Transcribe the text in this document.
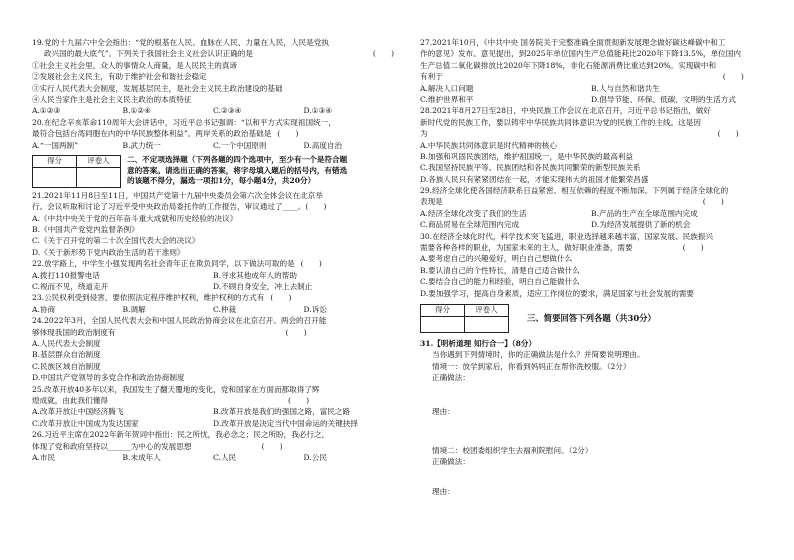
19.党的十九届六中全会指出：“党的根基在人民、血脉在人民、力量在人民，人民是党执
政兴国的最大底气”。下列关于我国社会主义社会认识正确的是	(　　)
①社会主义社会里，众人的事情众人商量，是人民民主的真谛
②发展社会主义民主，有助于维护社会和谐社会稳定
③实行人民代表大会制度，发展基层民主，是社会主义民主政治建设的基础
④人民当家作主是社会主义民主政治的本质特征
A.①②③	B.①②④	C.②③④	D.①③④
20.在纪念辛亥革命110周年大会讲话中，习近平总书记强调：“以和平方式实现祖国统一，
最符合包括台湾同胞在内的中华民族整体利益”。两岸关系的政治基础是 (　　)
A.“一国两制”	B.武力统一	C.一个中国原则	D.高度自治
得分	评卷人
	二、不定项选择题（下列各题的四个选项中，至少有一个是符合题
意的答案。请选出正确的答案，将字母填入题后的括号内，有错选
的该题不得分，漏选一项扣1分，每小题4分，共20分）
21.2021年11月8日至11日，中国共产党第十九届中央委员会第六次全体会议在北京举
行。会议听取和讨论了习近平受中央政治局委托作的工作报告，审议通过了____。(　　)
A.《中共中央关于党的百年奋斗重大成就和历史经验的决议》
B.《中国共产党党内监督条例》
C.《关于召开党的第二十次全国代表大会的决议》
D.《关于新形势下党内政治生活的若干准则》
22.放学路上，中学生小强发现两名社会青年正在欺负同学，以下做法可取的是 (　　)
A.拨打110报警电话	B.寻求其他成年人的帮助
C.视而不见，绕道走开	D.不顾自身安全，冲上去制止
23.公民权利受到侵害，要依照法定程序维护权利，维护权利的方式有 (　　)
A.协商	B.调解	C.仲裁	D.诉讼
24.2022年3月，全国人民代表大会和中国人民政治协商会议在北京召开。两会的召开能
够体现我国的政治制度有	(　　)
A.人民代表大会制度
B.基层群众自治制度
C.民族区域自治制度
D.中国共产党领导的多党合作和政治协商制度
25.改革开放40多年以来，我国发生了翻天覆地的变化，党和国家在方面而都取得了辉
煌成就，由此我们懂得	(　　)
A.改革开放让中国经济腾飞	B.改革开放是我们的强国之路，富民之路
C.改革开放让中国成为发达国家	D.改革开放是决定当代中国命运的关键抉择
26.习近平主席在2022年新年贺词中指出：民之所忧，我必念之；民之所盼，我必行之，
体现了党和政府坚持以______为中心的发展思想	(　　)
A.市民	B.未成年人	C.人民	D.公民
27.2021年10月，《中共中央 国务院关于完整准确全面贯彻新发展理念做好碳达峰碳中和工
作的意见》发布。意见提出，到2025年单位国内生产总值能耗比2020年下降13.5%，单位国内
生产总值二氧化碳排放比2020年下降18%，非化石能源消费比重达到20%。实现碳中和
有利于	(　　)
A.解决人口问题	B.人与自然和谐共生
C.维护世界和平	D.倡导节能、环保、低碳、文明的生活方式
28.2021年8月27日至28日，中央民族工作会议在北京召开，习近平总书记指出，做好
新时代党的民族工作，要以铸牢中华民族共同体意识为党的民族工作的主线。这是因
为	(　　)
A.中华民族共同体意识是时代精神的核心
B.加强和巩固民族团结，维护祖国统一，是中华民族的最高利益
C.我国坚持民族平等、民族团结和各民族共同繁荣的新型民族关系
D.各族人民只有紧紧团结在一起，才能实现伟大的祖国才能繁荣昌盛
29.经济全球化使各国经济联系日益紧密、相互依赖的程度不断加深。下列属于经济全球化的
表现是	(　　)
A.经济全球化改变了我们的生活	B.产品的生产在全球范围内完成
C.商品贸易在全球范围内完成	D.为经济发展提供了新的机会
30.在经济全球化时代，科学技术突飞猛进，职业选择越来越丰富，国家发展、民族振兴
需要各种各样的职业，为国家未来的主人，做好职业准备，需要	(　　)
A.要考虑自己的兴趣爱好，明白自己想做什么
B.要认清自己的个性特长，清楚自己适合做什么
C.要结合自己的能力和经验，明白自己能做什么
D.要加强学习，提高自身素质，适应工作岗位的要求，满足国家与社会发展的需要
得分	评卷人

三、简要回答下列各题（共30分）
31.【明析道理 知行合一】（8分）
当你遇到下列情境时，你的正确做法是什么？并简要说明理由。
情境一：放学到家后，你看到妈妈正在帮你洗校服。（2分）
正确做法：
理由：
情境二：校团委组织学生去福利院慰问。（2分）
正确做法：
理由：
